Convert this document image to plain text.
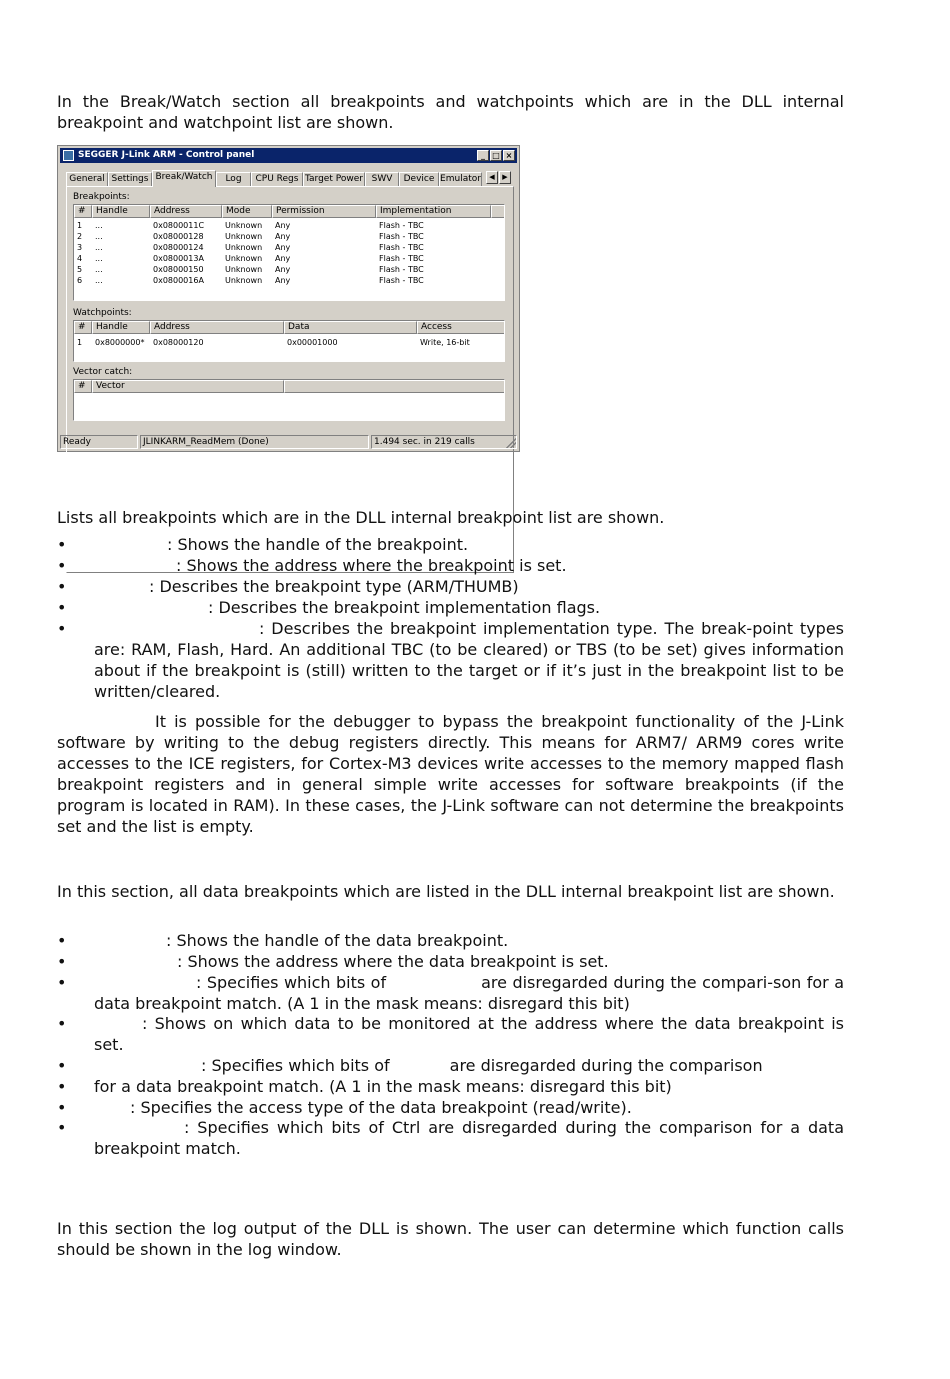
In the Break/Watch section all breakpoints and watchpoints which are in the DLL internal breakpoint and watchpoint list are shown.

SEGGER J-Link ARM - Control panel	_ □ ×
General Settings Break/Watch	Log	CPU Regs Target Power SWV	Device Emulator	◀	▶
Breakpoints:
#	Handle	Address	Mode	Permission	Implementation
1	...	0x0800011C	Unknown	Any	Flash - TBC
2	...	0x08000128	Unknown	Any	Flash - TBC
3	...	0x08000124	Unknown	Any	Flash - TBC
4	...	0x0800013A	Unknown	Any	Flash - TBC
5	...	0x08000150	Unknown	Any	Flash - TBC
6	...	0x0800016A	Unknown	Any	Flash - TBC
Watchpoints:
#	Handle	Address	Data	Access
1	0x8000000*	0x08000120	0x00001000	Write, 16-bit
Vector catch:
#	Vector
Ready	JLINKARM_ReadMem (Done)	1.494 sec. in 219 calls

Lists all breakpoints which are in the DLL internal breakpoint list are shown.

•	: Shows the handle of the breakpoint.
•	: Shows the address where the breakpoint is set.
•	: Describes the breakpoint type (ARM/THUMB)
•	: Describes the breakpoint implementation flags.
•	: Describes the breakpoint implementation type. The break-point types are: RAM, Flash, Hard. An additional TBC (to be cleared) or TBS (to be set) gives information about if the breakpoint is (still) written to the target or if it’s just in the breakpoint list to be written/cleared.

It is possible for the debugger to bypass the breakpoint functionality of the J-Link software by writing to the debug registers directly. This means for ARM7/ ARM9 cores write accesses to the ICE registers, for Cortex-M3 devices write accesses to the memory mapped flash breakpoint registers and in general simple write accesses for software breakpoints (if the program is located in RAM). In these cases, the J-Link software can not determine the breakpoints set and the list is empty.

In this section, all data breakpoints which are listed in the DLL internal breakpoint list are shown.

•	: Shows the handle of the data breakpoint.
•	: Shows the address where the data breakpoint is set.
•	: Specifies which bits of	are disregarded during the compari-son for a data breakpoint match. (A 1 in the mask means: disregard this bit)
•	: Shows on which data to be monitored at the address where the data breakpoint is set.
•	: Specifies which bits of	are disregarded during the comparison
•	for a data breakpoint match. (A 1 in the mask means: disregard this bit)
•	: Specifies the access type of the data breakpoint (read/write).
•	: Specifies which bits of Ctrl are disregarded during the comparison for a data breakpoint match.

In this section the log output of the DLL is shown. The user can determine which function calls should be shown in the log window.
